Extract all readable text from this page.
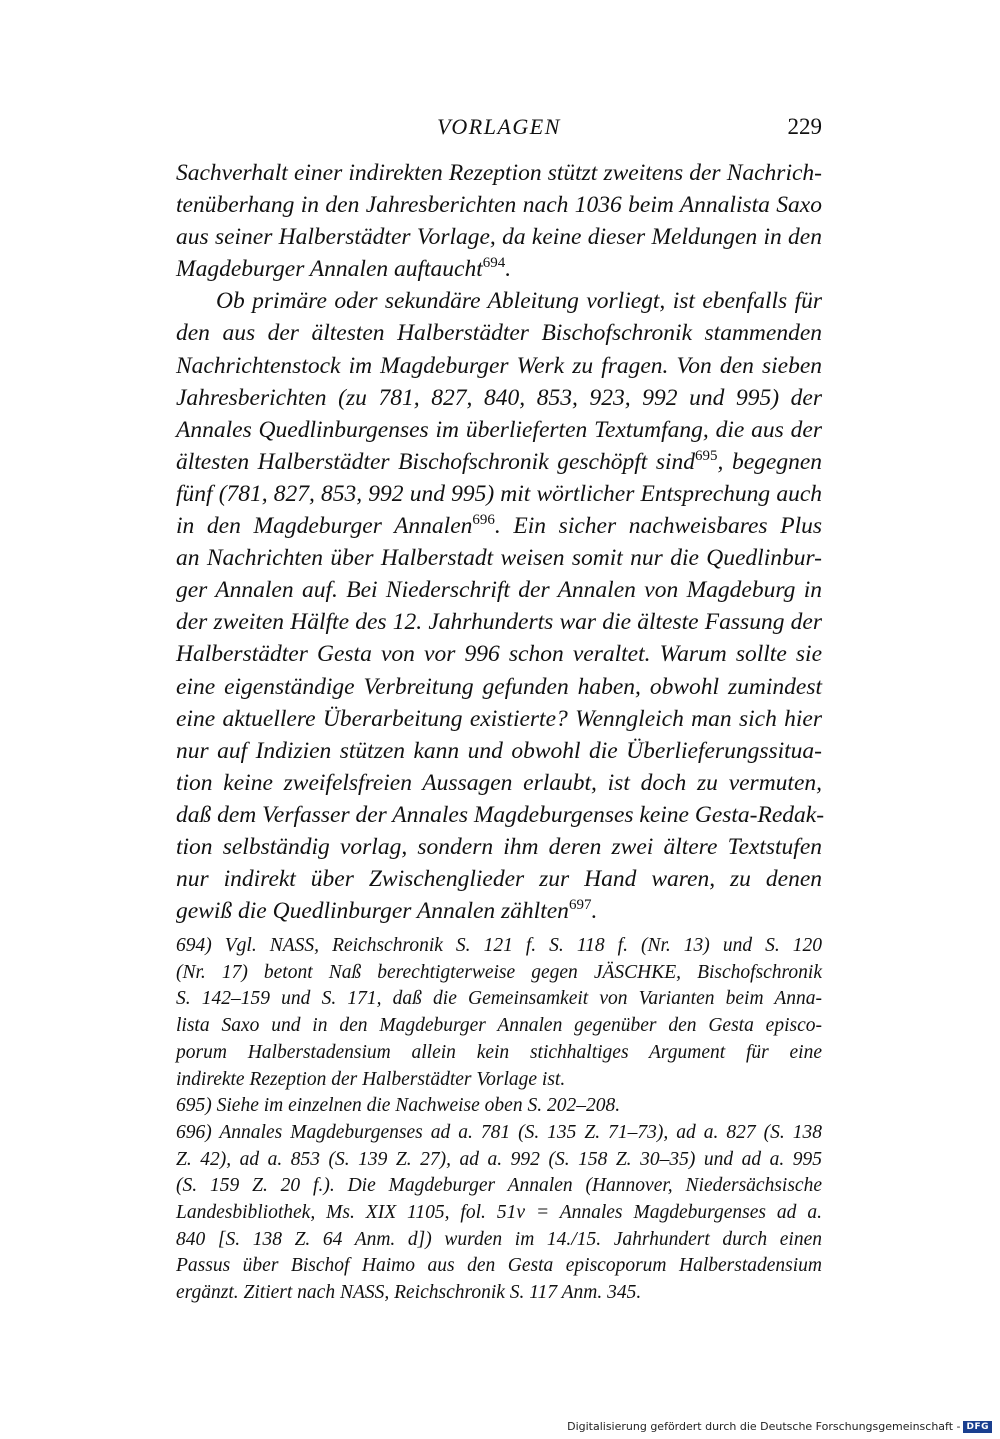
VORLAGEN	229

Sachverhalt einer indirekten Rezeption stützt zweitens der Nachrich-
tenüberhang in den Jahresberichten nach 1036 beim Annalista Saxo
aus seiner Halberstädter Vorlage, da keine dieser Meldungen in den
Magdeburger Annalen auftaucht$^{694}$.

Ob primäre oder sekundäre Ableitung vorliegt, ist ebenfalls für
den aus der ältesten Halberstädter Bischofschronik stammenden
Nachrichtenstock im Magdeburger Werk zu fragen. Von den sieben
Jahresberichten (zu 781, 827, 840, 853, 923, 992 und 995) der
Annales Quedlinburgenses im überlieferten Textumfang, die aus der
ältesten Halberstädter Bischofschronik geschöpft sind$^{695}$, begegnen
fünf (781, 827, 853, 992 und 995) mit wörtlicher Entsprechung auch
in den Magdeburger Annalen$^{696}$. Ein sicher nachweisbares Plus
an Nachrichten über Halberstadt weisen somit nur die Quedlinbur-
ger Annalen auf. Bei Niederschrift der Annalen von Magdeburg in
der zweiten Hälfte des 12. Jahrhunderts war die älteste Fassung der
Halberstädter Gesta von vor 996 schon veraltet. Warum sollte sie
eine eigenständige Verbreitung gefunden haben, obwohl zumindest
eine aktuellere Überarbeitung existierte? Wenngleich man sich hier
nur auf Indizien stützen kann und obwohl die Überlieferungssitua-
tion keine zweifelsfreien Aussagen erlaubt, ist doch zu vermuten,
daß dem Verfasser der Annales Magdeburgenses keine Gesta-Redak-
tion selbständig vorlag, sondern ihm deren zwei ältere Textstufen
nur indirekt über Zwischenglieder zur Hand waren, zu denen
gewiß die Quedlinburger Annalen zählten$^{697}$.

694) Vgl. NASS, Reichschronik S. 121 f. S. 118 f. (Nr. 13) und S. 120
(Nr. 17) betont Naß berechtigterweise gegen JÄSCHKE, Bischofschronik
S. 142–159 und S. 171, daß die Gemeinsamkeit von Varianten beim Anna-
lista Saxo und in den Magdeburger Annalen gegenüber den Gesta episco-
porum Halberstadensium allein kein stichhaltiges Argument für eine
indirekte Rezeption der Halberstädter Vorlage ist.
695) Siehe im einzelnen die Nachweise oben S. 202–208.
696) Annales Magdeburgenses ad a. 781 (S. 135 Z. 71–73), ad a. 827 (S. 138
Z. 42), ad a. 853 (S. 139 Z. 27), ad a. 992 (S. 158 Z. 30–35) und ad a. 995
(S. 159 Z. 20 f.). Die Magdeburger Annalen (Hannover, Niedersächsische
Landesbibliothek, Ms. XIX 1105, fol. 51v = Annales Magdeburgenses ad a.
840 [S. 138 Z. 64 Anm. d]) wurden im 14./15. Jahrhundert durch einen
Passus über Bischof Haimo aus den Gesta episcoporum Halberstadensium
ergänzt. Zitiert nach NASS, Reichschronik S. 117 Anm. 345.
Digitalisierung gefördert durch die Deutsche Forschungsgemeinschaft - DFG
